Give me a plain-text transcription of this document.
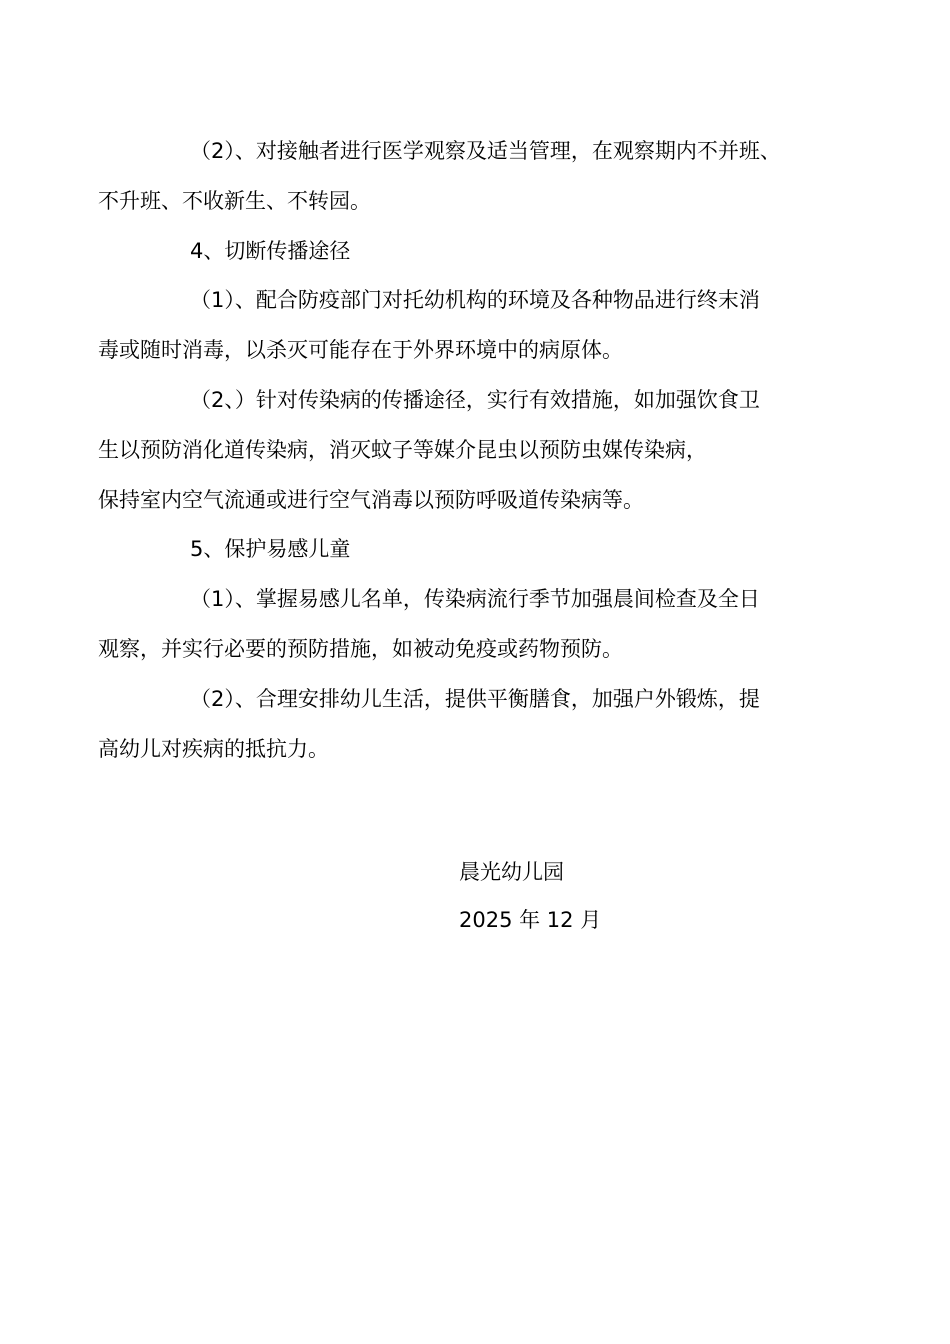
（2）、对接触者进行医学观察及适当管理，在观察期内不并班、
不升班、不收新生、不转园。

4、切断传播途径

（1）、配合防疫部门对托幼机构的环境及各种物品进行终末消
毒或随时消毒，以杀灭可能存在于外界环境中的病原体。

（2、）针对传染病的传播途径，实行有效措施，如加强饮食卫
生以预防消化道传染病，消灭蚊子等媒介昆虫以预防虫媒传染病，
保持室内空气流通或进行空气消毒以预防呼吸道传染病等。

5、保护易感儿童

（1）、掌握易感儿名单，传染病流行季节加强晨间检查及全日
观察，并实行必要的预防措施，如被动免疫或药物预防。

（2）、合理安排幼儿生活，提供平衡膳食，加强户外锻炼，提
高幼儿对疾病的抵抗力。

晨光幼儿园
2025 年 12 月
